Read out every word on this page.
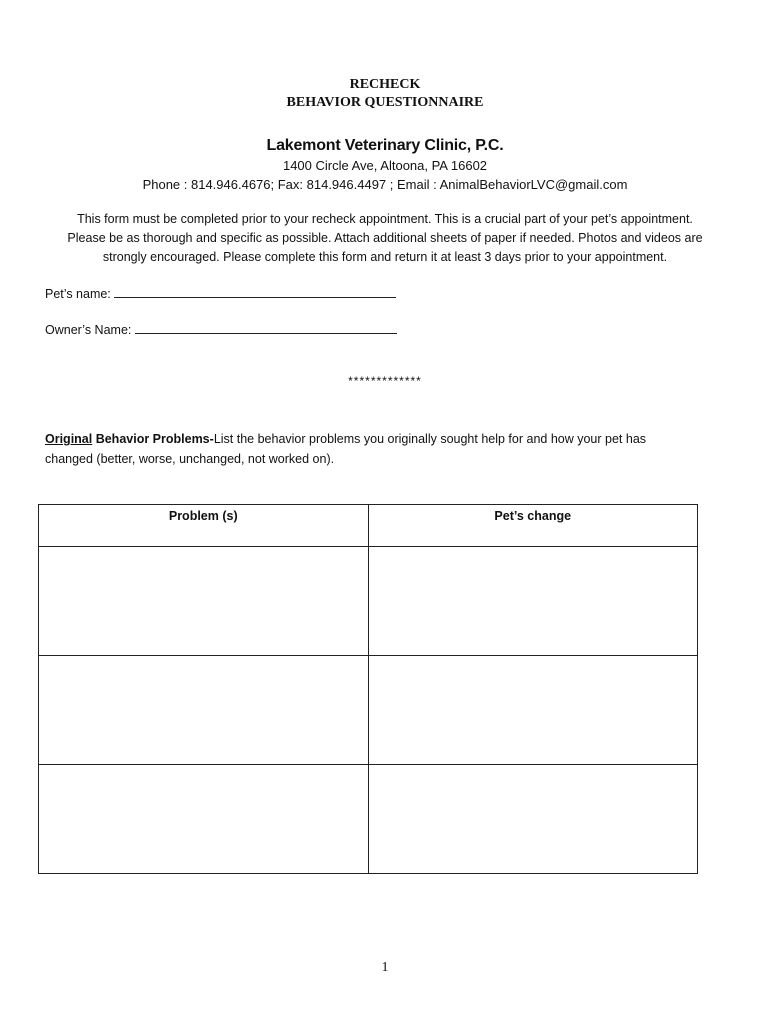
RECHECK
BEHAVIOR QUESTIONNAIRE
Lakemont Veterinary Clinic, P.C.
1400 Circle Ave, Altoona, PA 16602
Phone : 814.946.4676; Fax: 814.946.4497 ; Email : AnimalBehaviorLVC@gmail.com
This form must be completed prior to your recheck appointment. This is a crucial part of your pet’s appointment.
Please be as thorough and specific as possible. Attach additional sheets of paper if needed. Photos and videos are
strongly encouraged. Please complete this form and return it at least 3 days prior to your appointment.
Pet’s name:
Owner’s Name:
*************
Original Behavior Problems-List the behavior problems you originally sought help for and how your pet has changed (better, worse, unchanged, not worked on).
Problem (s)	Pet’s change

1
